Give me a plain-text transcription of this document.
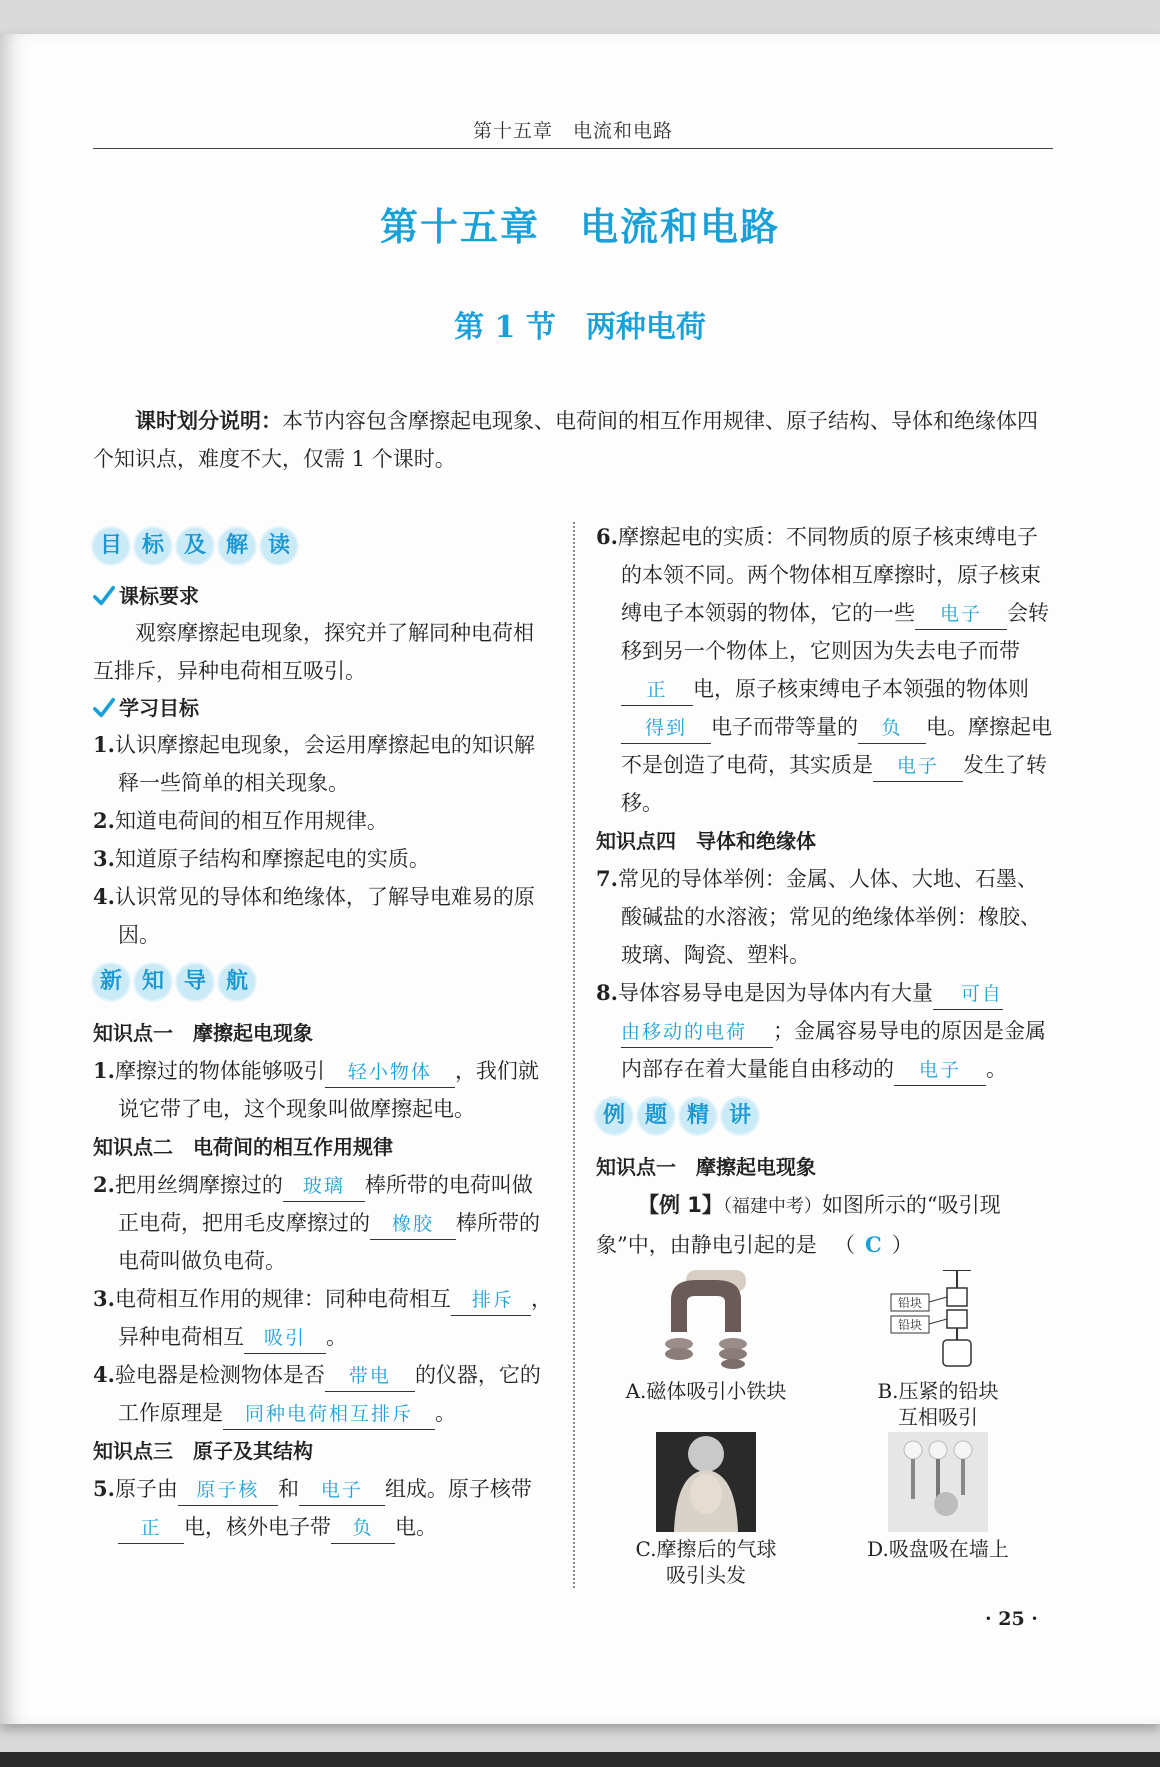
第十五章　电流和电路
第十五章　电流和电路
第 1 节　两种电荷

课时划分说明：本节内容包含摩擦起电现象、电荷间的相互作用规律、原子结构、导体和绝缘体四个知识点，难度不大，仅需 1 个课时。

目 标 及 解 读
课标要求

观察摩擦起电现象，探究并了解同种电荷相互排斥，异种电荷相互吸引。

学习目标

1.认识摩擦起电现象，会运用摩擦起电的知识解释一些简单的相关现象。

2.知道电荷间的相互作用规律。

3.知道原子结构和摩擦起电的实质。

4.认识常见的导体和绝缘体，了解导电难易的原因。

新 知 导 航
知识点一　摩擦起电现象

1.摩擦过的物体能够吸引 轻小物体 ，我们就说它带了电，这个现象叫做摩擦起电。

知识点二　电荷间的相互作用规律

2.把用丝绸摩擦过的 玻璃 棒所带的电荷叫做正电荷，把用毛皮摩擦过的 橡胶 棒所带的电荷叫做负电荷。

3.电荷相互作用的规律：同种电荷相互 排斥 ，异种电荷相互 吸引 。

4.验电器是检测物体是否 带电 的仪器，它的工作原理是 同种电荷相互排斥 。

知识点三　原子及其结构

5.原子由 原子核 和 电子 组成。原子核带正 电，核外电子带 负 电。

6.摩擦起电的实质：不同物质的原子核束缚电子的本领不同。两个物体相互摩擦时，原子核束缚电子本领弱的物体，它的一些 电子 会转移到另一个物体上，它则因为失去电子而带正 电，原子核束缚电子本领强的物体则得到 电子而带等量的 负 电。摩擦起电不是创造了电荷，其实质是 电子 发生了转移。

知识点四　导体和绝缘体

7.常见的导体举例：金属、人体、大地、石墨、酸碱盐的水溶液；常见的绝缘体举例：橡胶、玻璃、陶瓷、塑料。

8.导体容易导电是因为导体内有大量 可自由移动的电荷 ；金属容易导电的原因是金属内部存在着大量能自由移动的 电子 。

例 题 精 讲
知识点一　摩擦起电现象

【例 1】（福建中考）如图所示的“吸引现象”中，由静电引起的是 （ C ）

A.磁体吸引小铁块
铅块
铅块
B.压紧的铅块
互相吸引
C.摩擦后的气球
吸引头发
D.吸盘吸在墙上
· 25 ·
